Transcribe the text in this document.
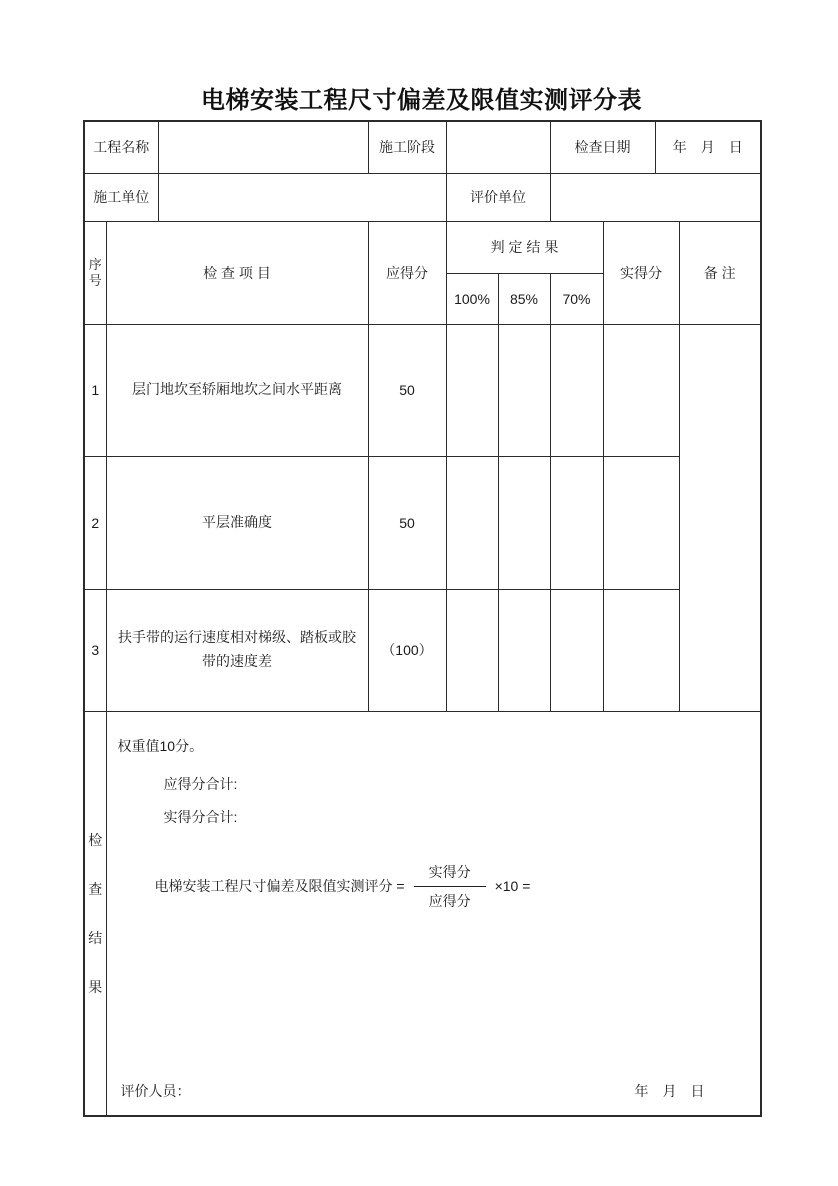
电梯安装工程尺寸偏差及限值实测评分表
工程名称			施工阶段			检查日期		年　月　日	
施工单位				评价单位					

序
号	检 查 项 目		应得分	判 定 结 果			实得分		备 注
				100%	85%	70%			
1	层门地坎至轿厢地坎之间水平距离		50						
2	平层准确度		50						
3	扶手带的运行速度相对梯级、踏板或胶带的速度差		（100）						

检
查
结
果

权重值10分。
应得分合计:
实得分合计:
电梯安装工程尺寸偏差及限值实测评分 = $\frac{\text{实得分}}{\text{应得分}} \times 10$ =
评价人员：	年　月　日
